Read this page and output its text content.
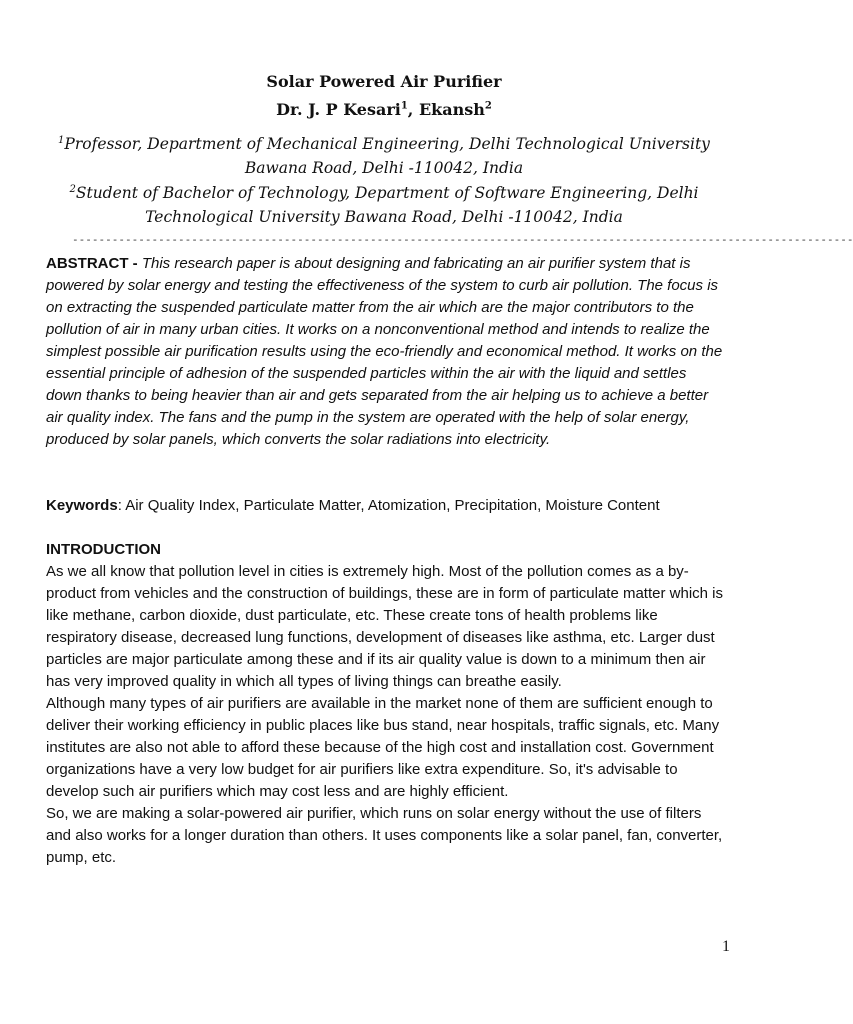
Solar Powered Air Purifier
Dr. J. P Kesari$^1$, Ekansh$^2$
$^1$Professor, Department of Mechanical Engineering, Delhi Technological University
Bawana Road, Delhi -110042, India
$^2$Student of Bachelor of Technology, Department of Software Engineering, Delhi
Technological University Bawana Road, Delhi -110042, India
----------------------------------------------------------------------------------------------------------------------
ABSTRACT - This research paper is about designing and fabricating an air purifier system that is powered by solar energy and testing the effectiveness of the system to curb air pollution. The focus is on extracting the suspended particulate matter from the air which are the major contributors to the pollution of air in many urban cities. It works on a nonconventional method and intends to realize the simplest possible air purification results using the eco-friendly and economical method. It works on the essential principle of adhesion of the suspended particles within the air with the liquid and settles down thanks to being heavier than air and gets separated from the air helping us to achieve a better air quality index. The fans and the pump in the system are operated with the help of solar energy, produced by solar panels, which converts the solar radiations into electricity.
Keywords: Air Quality Index, Particulate Matter, Atomization, Precipitation, Moisture Content
INTRODUCTION

As we all know that pollution level in cities is extremely high. Most of the pollution comes as a by-product from vehicles and the construction of buildings, these are in form of particulate matter which is like methane, carbon dioxide, dust particulate, etc. These create tons of health problems like respiratory disease, decreased lung functions, development of diseases like asthma, etc. Larger dust particles are major particulate among these and if its air quality value is down to a minimum then air has very improved quality in which all types of living things can breathe easily.

Although many types of air purifiers are available in the market none of them are sufficient enough to deliver their working efficiency in public places like bus stand, near hospitals, traffic signals, etc. Many institutes are also not able to afford these because of the high cost and installation cost. Government organizations have a very low budget for air purifiers like extra expenditure. So, it's advisable to develop such air purifiers which may cost less and are highly efficient.

So, we are making a solar-powered air purifier, which runs on solar energy without the use of filters and also works for a longer duration than others. It uses components like a solar panel, fan, converter, pump, etc.

1
